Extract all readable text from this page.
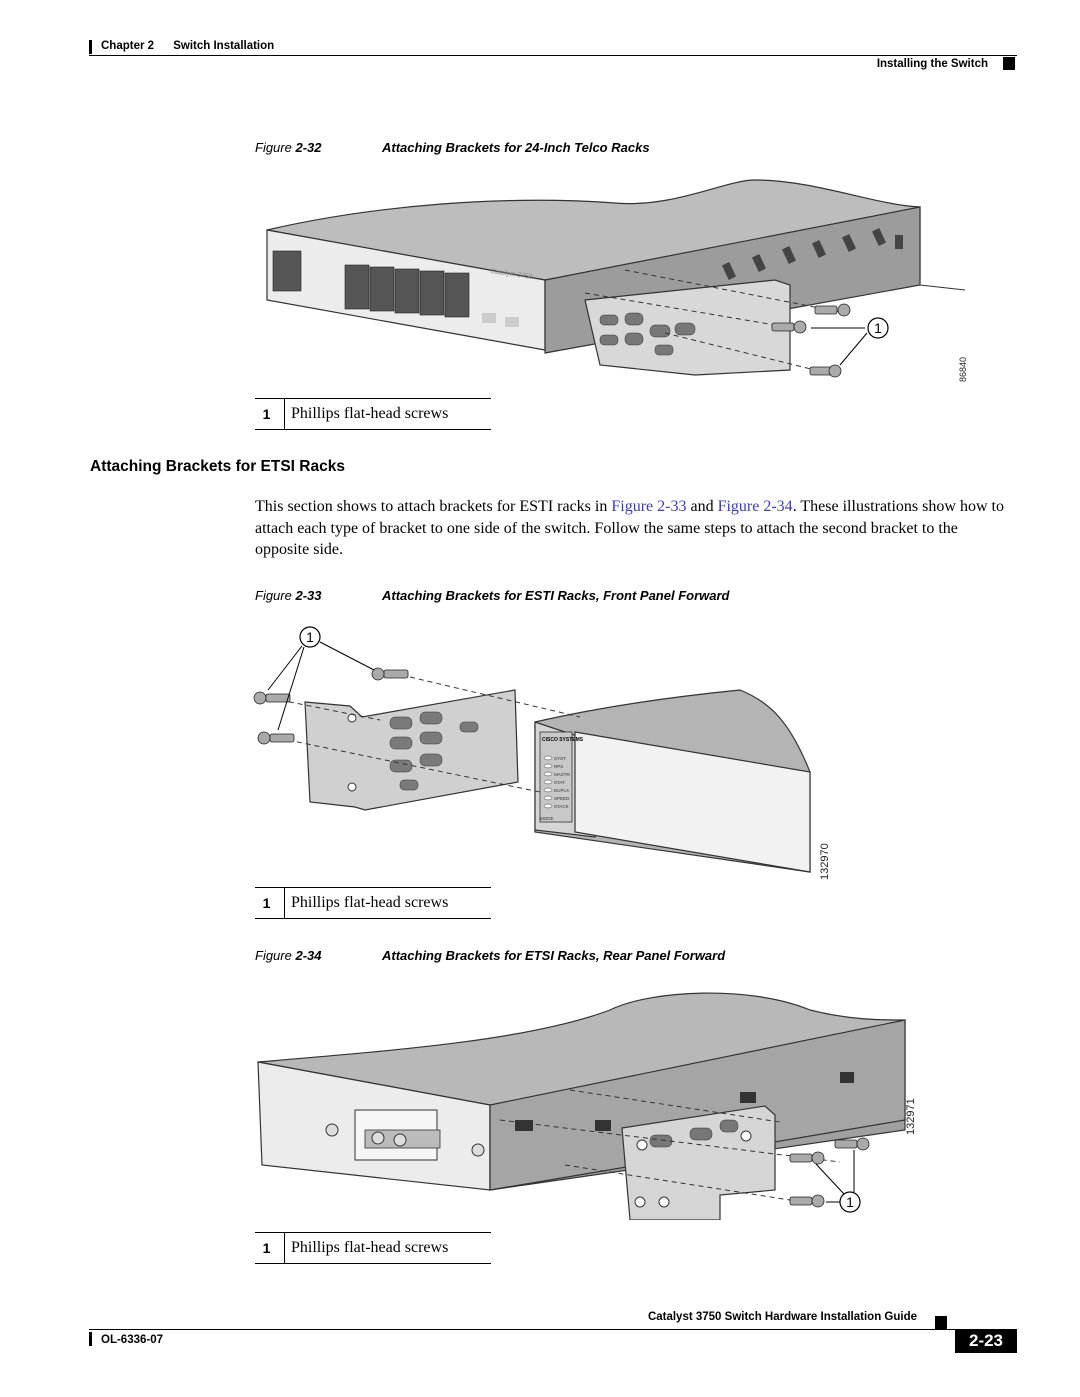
Chapter 2 Switch Installation
Installing the Switch
Figure 2-32	Attaching Brackets for 24-Inch Telco Racks
Catalyst 3750
1
86840
1	Phillips flat-head screws
Attaching Brackets for ETSI Racks
This section shows to attach brackets for ESTI racks in Figure 2-33 and Figure 2-34. These illustrations show how to attach each type of bracket to one side of the switch. Follow the same steps to attach the second bracket to the opposite side.
Figure 2-33	Attaching Brackets for ESTI Racks, Front Panel Forward
CISCO SYSTEMS
SYST
RPS
MASTR
STAT
DUPLX
SPEED
STACK
MODE
1
132970
1	Phillips flat-head screws
Figure 2-34	Attaching Brackets for ETSI Racks, Rear Panel Forward
1
132971
1	Phillips flat-head screws
Catalyst 3750 Switch Hardware Installation Guide
OL-6336-07	2-23
